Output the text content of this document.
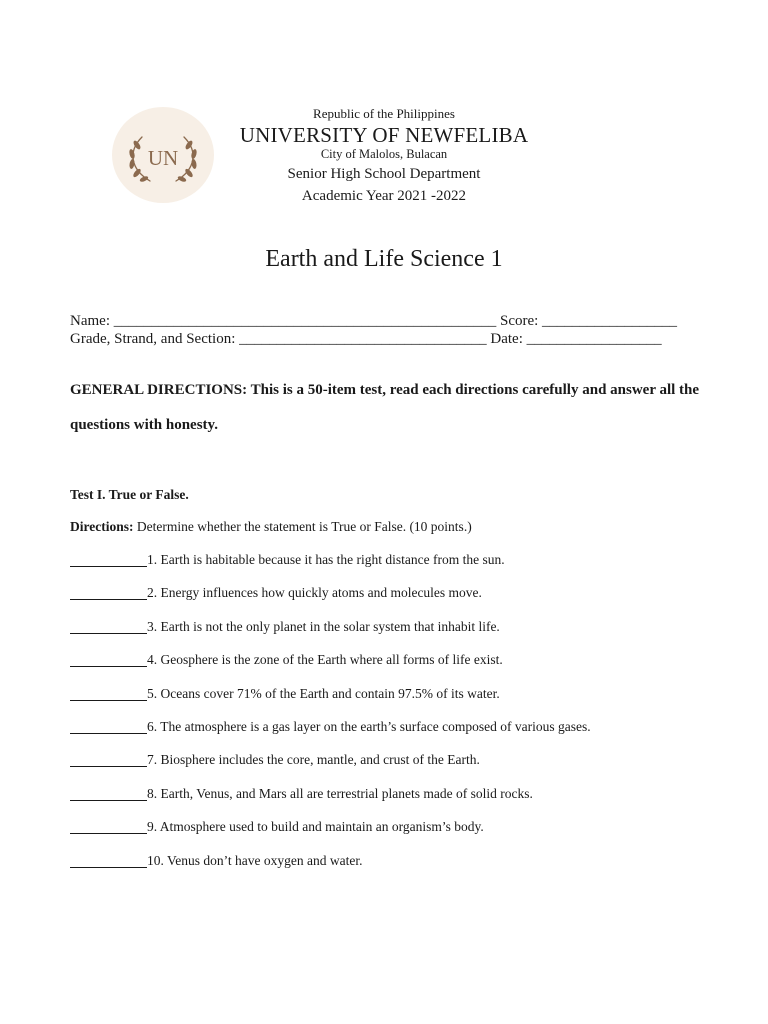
UN
Republic of the Philippines
UNIVERSITY OF NEWFELIBA
City of Malolos, Bulacan
Senior High School Department
Academic Year 2021 -2022
Earth and Life Science 1
Name: ___________________________________________________ Score: __________________
Grade, Strand, and Section: _________________________________ Date: __________________
GENERAL DIRECTIONS: This is a 50-item test, read each directions carefully and answer all the questions with honesty.
Test I. True or False.
Directions: Determine whether the statement is True or False. (10 points.)
1. Earth is habitable because it has the right distance from the sun.
2. Energy influences how quickly atoms and molecules move.
3. Earth is not the only planet in the solar system that inhabit life.
4. Geosphere is the zone of the Earth where all forms of life exist.
5. Oceans cover 71% of the Earth and contain 97.5% of its water.
6. The atmosphere is a gas layer on the earth’s surface composed of various gases.
7. Biosphere includes the core, mantle, and crust of the Earth.
8. Earth, Venus, and Mars all are terrestrial planets made of solid rocks.
9. Atmosphere used to build and maintain an organism’s body.
10. Venus don’t have oxygen and water.
